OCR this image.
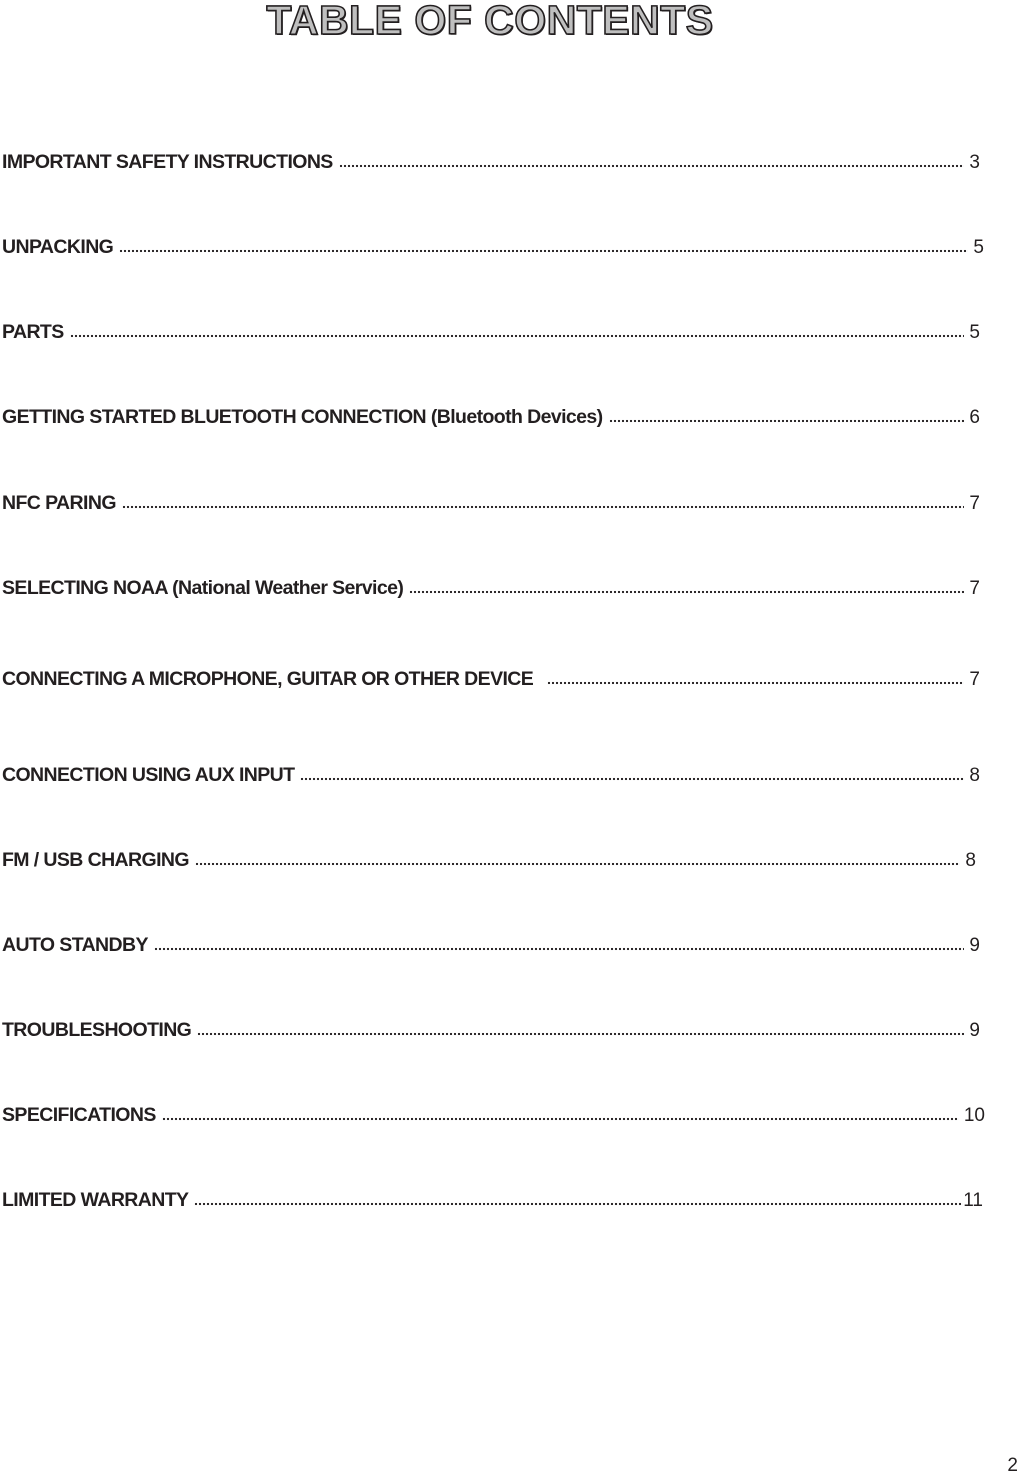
TABLE OF CONTENTS
IMPORTANT SAFETY INSTRUCTIONS	3
UNPACKING	5
PARTS	5
GETTING STARTED BLUETOOTH CONNECTION (Bluetooth Devices)	6
NFC PARING	7
SELECTING NOAA (National Weather Service)	7
CONNECTING A MICROPHONE, GUITAR OR OTHER DEVICE	7
CONNECTION USING AUX INPUT	8
FM / USB CHARGING	8
AUTO STANDBY	9
TROUBLESHOOTING	9
SPECIFICATIONS	10
LIMITED WARRANTY	11
2
